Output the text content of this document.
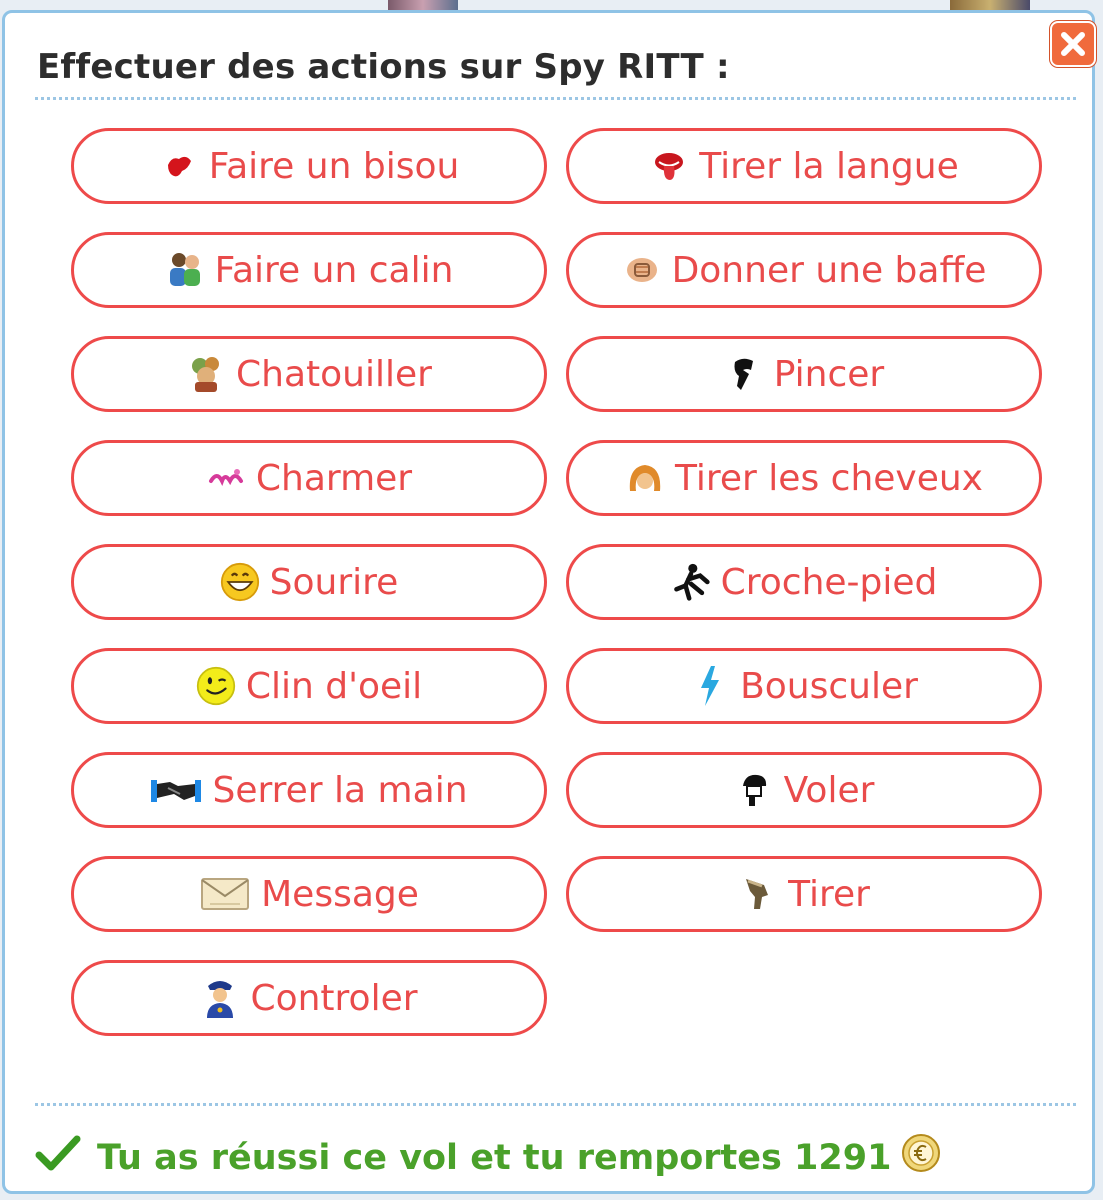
Effectuer des actions sur Spy RITT :
Faire un bisou	Tirer la langue
Faire un calin	Donner une baffe
Chatouiller	Pincer
Charmer	Tirer les cheveux
Sourire	Croche-pied
Clin d'oeil	Bousculer
Serrer la main	Voler
Message	Tirer
Controler
Tu as réussi ce vol et tu remportes 1291
